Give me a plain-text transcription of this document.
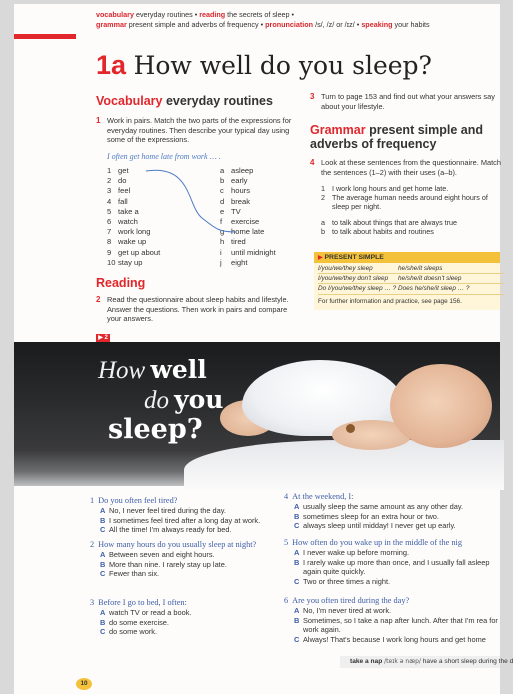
vocabulary everyday routines • reading the secrets of sleep •
grammar present simple and adverbs of frequency • pronunciation /s/, /z/ or /ɪz/ • speaking your habits
1a How well do you sleep?
Vocabulary everyday routines
1 Work in pairs. Match the two parts of the expressions for everyday routines. Then describe your typical day using some of the expressions.
I often get home late from work … .
1 get
2 do
3 feel
4 fall
5 take a
6 watch
7 work long
8 wake up
9 get up about
10 stay up
a asleep
b early
c hours
d break
e TV
f exercise
g home late
h tired
i until midnight
j eight
Reading
2 Read the questionnaire about sleep habits and lifestyle. Answer the questions. Then work in pairs and compare your answers.
▶ 2
3 Turn to page 153 and find out what your answers say about your lifestyle.
Grammar present simple and
adverbs of frequency
4 Look at these sentences from the questionnaire. Match the sentences (1–2) with their uses (a–b).
1 I work long hours and get home late.
2 The average human needs around eight hours of sleep per night.
a to talk about things that are always true
b to talk about habits and routines
▶ PRESENT SIMPLE
I/you/we/they sleep	he/she/it sleeps
I/you/we/they don't sleep	he/she/it doesn't sleep
Do I/you/we/they sleep … ? Does he/she/it sleep … ?
For further information and practice, see page 156.
How well
do you
sleep?
1 Do you often feel tired?
A No, I never feel tired during the day.
B I sometimes feel tired after a long day at work.
C All the time! I'm always ready for bed.
2 How many hours do you usually sleep at night?
A Between seven and eight hours.
B More than nine. I rarely stay up late.
C Fewer than six.
3 Before I go to bed, I often:
A watch TV or read a book.
B do some exercise.
C do some work.
4 At the weekend, I:
A usually sleep the same amount as any other day.
B sometimes sleep for an extra hour or two.
C always sleep until midday! I never get up early.
5 How often do you wake up in the middle of the nig
A I never wake up before morning.
B I rarely wake up more than once, and I usually fall asleep again quite quickly.
C Two or three times a night.
6 Are you often tired during the day?
A No, I'm never tired at work.
B Sometimes, so I take a nap after lunch. After that I'm rea for work again.
C Always! That's because I work long hours and get home
take a nap /teɪk ə næp/ have a short sleep during the d
10
